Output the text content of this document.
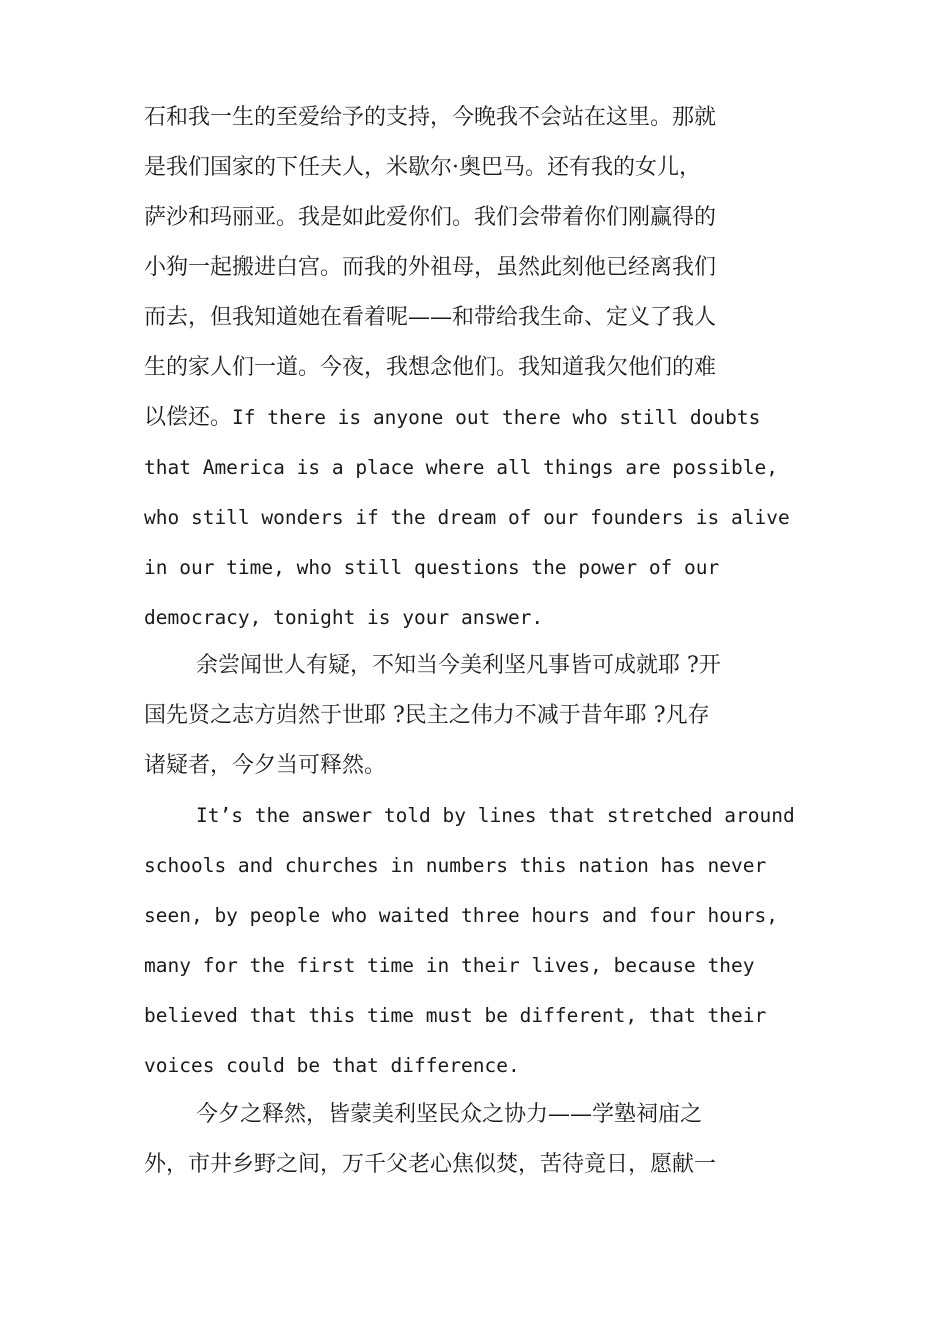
石和我一生的至爱给予的支持，今晚我不会站在这里。那就
是我们国家的下任夫人，米歇尔·奥巴马。还有我的女儿，
萨沙和玛丽亚。我是如此爱你们。我们会带着你们刚赢得的
小狗一起搬进白宫。而我的外祖母，虽然此刻他已经离我们
而去，但我知道她在看着呢——和带给我生命、定义了我人
生的家人们一道。今夜，我想念他们。我知道我欠他们的难
以偿还。If there is anyone out there who still doubts
that America is a place where all things are possible,
who still wonders if the dream of our founders is alive
in our time, who still questions the power of our
democracy, tonight is your answer.
余尝闻世人有疑，不知当今美利坚凡事皆可成就耶 ?开
国先贤之志方岿然于世耶 ?民主之伟力不减于昔年耶 ?凡存
诸疑者，今夕当可释然。
It’s the answer told by lines that stretched around
schools and churches in numbers this nation has never
seen, by people who waited three hours and four hours,
many for the first time in their lives, because they
believed that this time must be different, that their
voices could be that difference.
今夕之释然，皆蒙美利坚民众之协力——学塾祠庙之
外，市井乡野之间，万千父老心焦似焚，苦待竟日，愿献一
